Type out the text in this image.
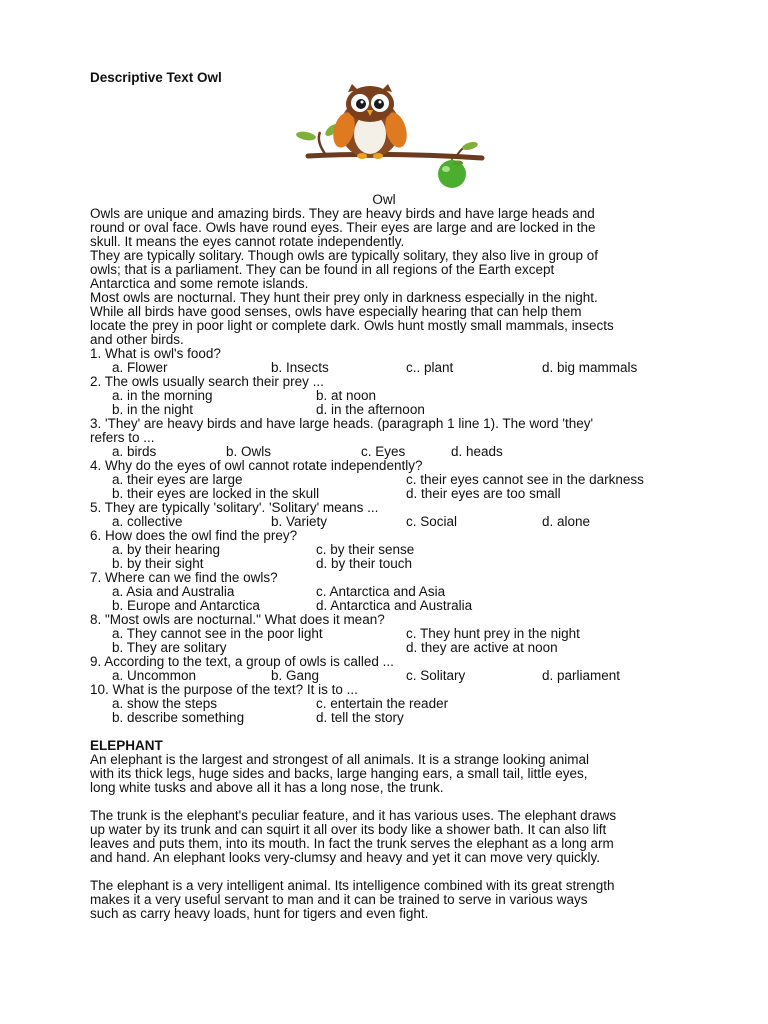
Descriptive Text Owl
Owl

Owls are unique and amazing birds. They are heavy birds and have large heads and

round or oval face. Owls have round eyes. Their eyes are large and are locked in the

skull. It means the eyes cannot rotate independently.

They are typically solitary. Though owls are typically solitary, they also live in group of

owls; that is a parliament. They can be found in all regions of the Earth except

Antarctica and some remote islands.

Most owls are nocturnal. They hunt their prey only in darkness especially in the night.

While all birds have good senses, owls have especially hearing that can help them

locate the prey in poor light or complete dark. Owls hunt mostly small mammals, insects

and other birds.

1. What is owl's food?

a. Flower	b. Insects	c.. plant	d. big mammals

2. The owls usually search their prey ...

a. in the morning	b. at noon
b. in the night	d. in the afternoon

3. 'They' are heavy birds and have large heads. (paragraph 1 line 1). The word 'they'

refers to ...

a. birds	b. Owls	c. Eyes	d. heads

4. Why do the eyes of owl cannot rotate independently?

a. their eyes are large	c. their eyes cannot see in the darkness
b. their eyes are locked in the skull	d. their eyes are too small

5. They are typically 'solitary'. 'Solitary' means ...

a. collective	b. Variety	c. Social	d. alone

6. How does the owl find the prey?

a. by their hearing	c. by their sense
b. by their sight	d. by their touch

7. Where can we find the owls?

a. Asia and Australia	c. Antarctica and Asia
b. Europe and Antarctica	d. Antarctica and Australia

8. "Most owls are nocturnal." What does it mean?

a. They cannot see in the poor light	c. They hunt prey in the night
b. They are solitary	d. they are active at noon

9. According to the text, a group of owls is called ...

a. Uncommon	b. Gang	c. Solitary	d. parliament

10. What is the purpose of the text? It is to ...

a. show the steps	c. entertain the reader
b. describe something	d. tell the story

ELEPHANT

An elephant is the largest and strongest of all animals. It is a strange looking animal

with its thick legs, huge sides and backs, large hanging ears, a small tail, little eyes,

long white tusks and above all it has a long nose, the trunk.

The trunk is the elephant's peculiar feature, and it has various uses. The elephant draws

up water by its trunk and can squirt it all over its body like a shower bath. It can also lift

leaves and puts them, into its mouth. In fact the trunk serves the elephant as a long arm

and hand. An elephant looks very-clumsy and heavy and yet it can move very quickly.

The elephant is a very intelligent animal. Its intelligence combined with its great strength

makes it a very useful servant to man and it can be trained to serve in various ways

such as carry heavy loads, hunt for tigers and even fight.
